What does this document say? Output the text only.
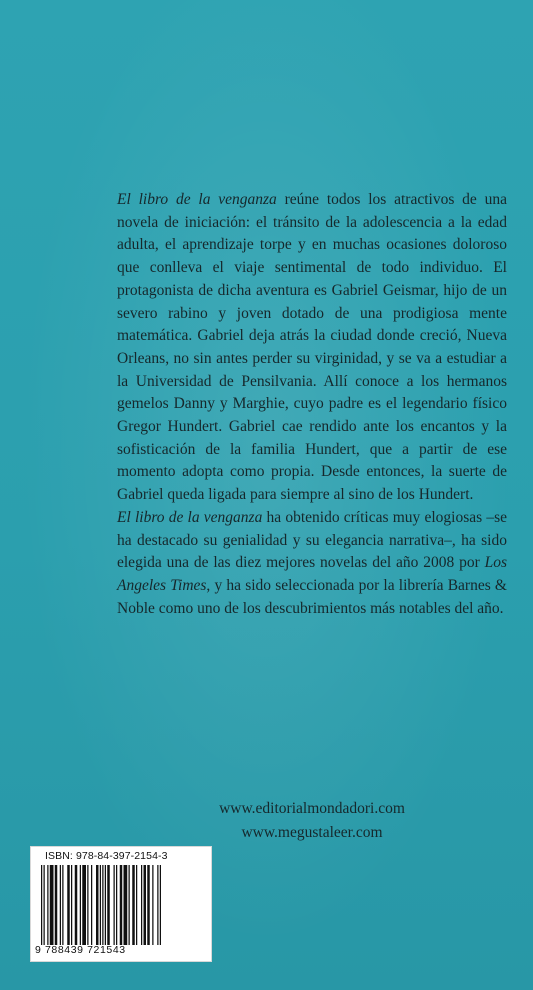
El libro de la venganza reúne todos los atractivos de una novela de iniciación: el tránsito de la adolescencia a la edad adulta, el aprendizaje torpe y en muchas ocasiones doloroso que conlleva el viaje sentimental de todo individuo. El protagonista de dicha aventura es Gabriel Geismar, hijo de un severo rabino y joven dotado de una prodigiosa mente matemática. Gabriel deja atrás la ciudad donde creció, Nueva Orleans, no sin antes perder su virginidad, y se va a estudiar a la Universidad de Pensilvania. Allí conoce a los hermanos gemelos Danny y Marghie, cuyo padre es el legendario físico Gregor Hundert. Gabriel cae rendido ante los encantos y la sofisticación de la familia Hundert, que a partir de ese momento adopta como propia. Desde entonces, la suerte de Gabriel queda ligada para siempre al sino de los Hundert.

El libro de la venganza ha obtenido críticas muy elogiosas –se ha destacado su genialidad y su elegancia narrativa–, ha sido elegida una de las diez mejores novelas del año 2008 por Los Angeles Times, y ha sido seleccionada por la librería Barnes & Noble como uno de los descubrimientos más notables del año.

www.editorialmondadori.com
www.megustaleer.com
ISBN: 978-84-397-2154-3
9 788439 721543
